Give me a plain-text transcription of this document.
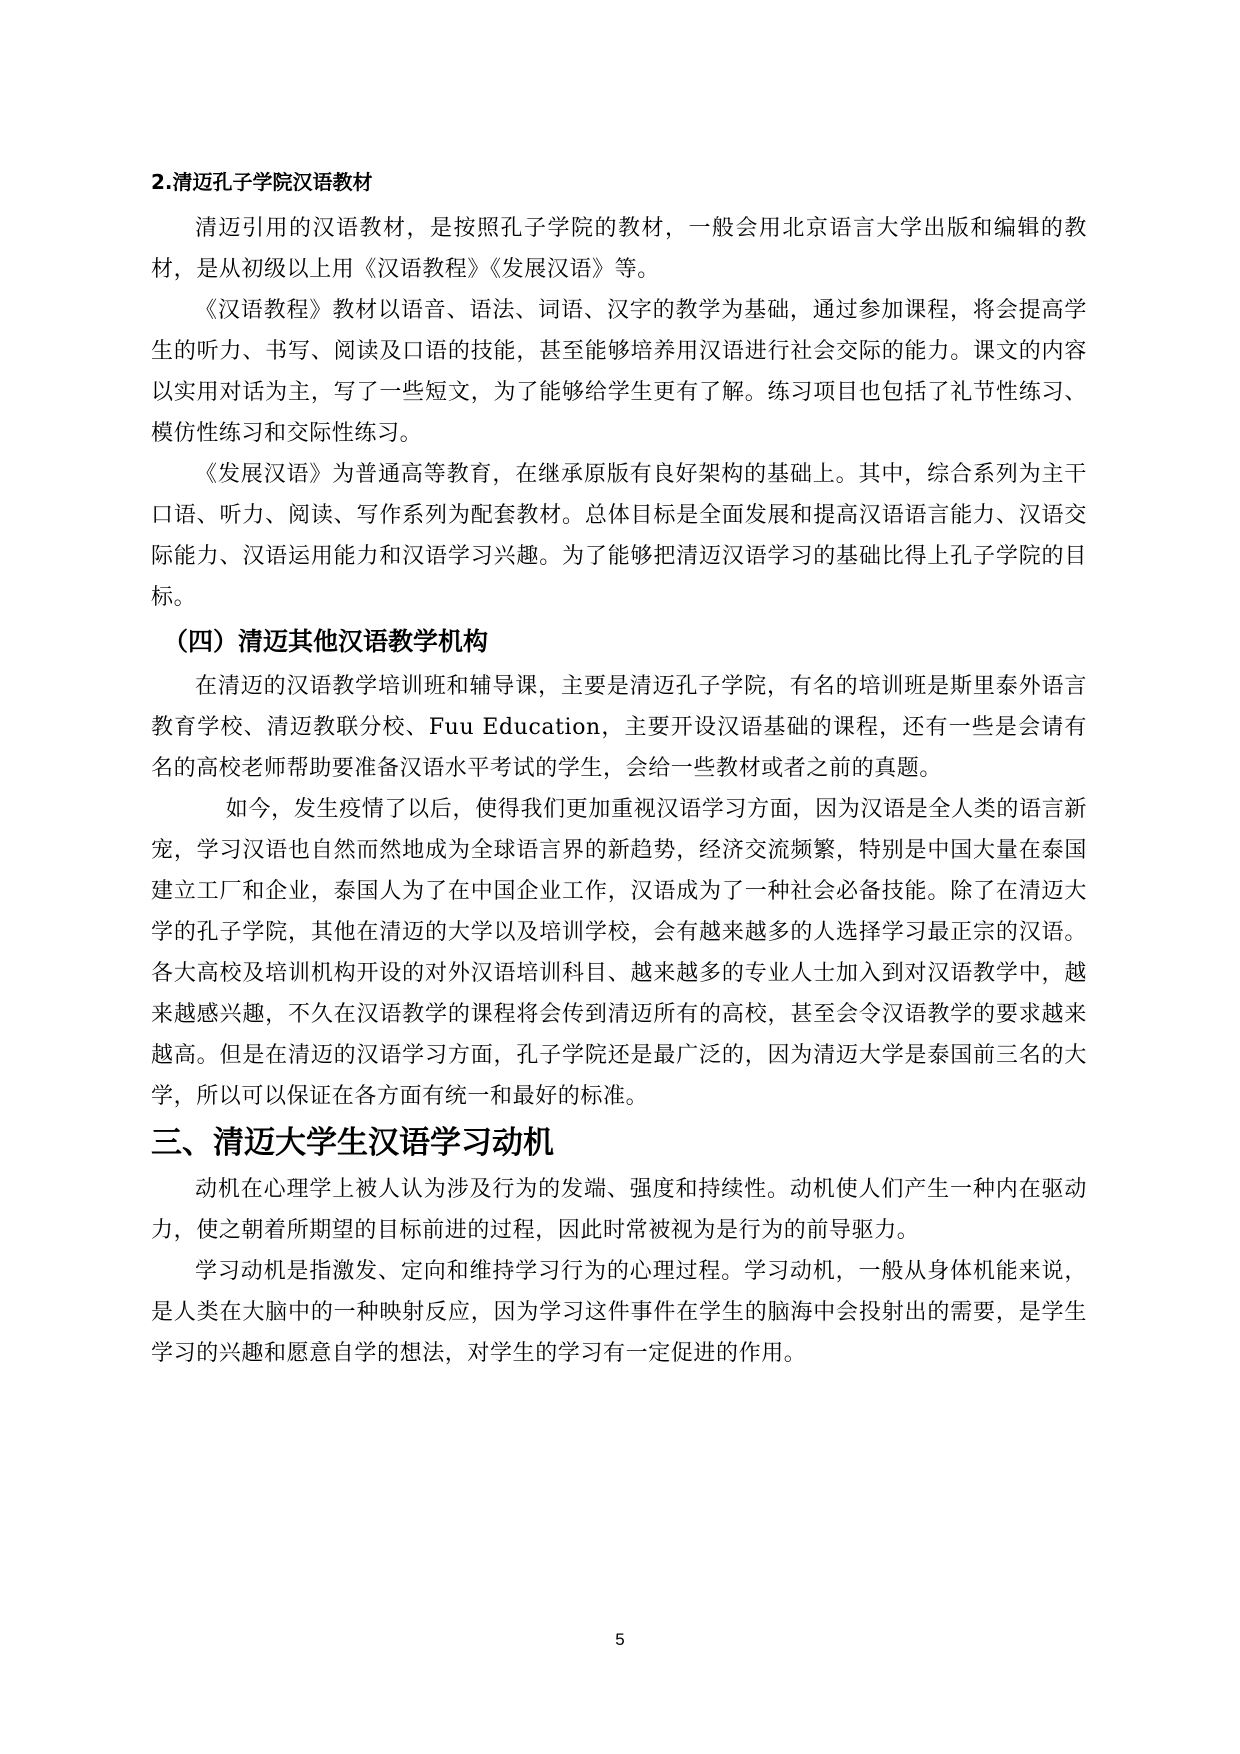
2.清迈孔子学院汉语教材

清迈引用的汉语教材，是按照孔子学院的教材，一般会用北京语言大学出版和编辑的教材，是从初级以上用《汉语教程》《发展汉语》等。

《汉语教程》教材以语音、语法、词语、汉字的教学为基础，通过参加课程，将会提高学生的听力、书写、阅读及口语的技能，甚至能够培养用汉语进行社会交际的能力。课文的内容以实用对话为主，写了一些短文，为了能够给学生更有了解。练习项目也包括了礼节性练习、模仿性练习和交际性练习。

《发展汉语》为普通高等教育，在继承原版有良好架构的基础上。其中，综合系列为主干口语、听力、阅读、写作系列为配套教材。总体目标是全面发展和提高汉语语言能力、汉语交际能力、汉语运用能力和汉语学习兴趣。为了能够把清迈汉语学习的基础比得上孔子学院的目标。

（四）清迈其他汉语教学机构

在清迈的汉语教学培训班和辅导课，主要是清迈孔子学院，有名的培训班是斯里泰外语言教育学校、清迈教联分校、Fuu Education，主要开设汉语基础的课程，还有一些是会请有名的高校老师帮助要准备汉语水平考试的学生，会给一些教材或者之前的真题。

如今，发生疫情了以后，使得我们更加重视汉语学习方面，因为汉语是全人类的语言新宠，学习汉语也自然而然地成为全球语言界的新趋势，经济交流频繁，特别是中国大量在泰国建立工厂和企业，泰国人为了在中国企业工作，汉语成为了一种社会必备技能。除了在清迈大学的孔子学院，其他在清迈的大学以及培训学校，会有越来越多的人选择学习最正宗的汉语。各大高校及培训机构开设的对外汉语培训科目、越来越多的专业人士加入到对汉语教学中，越来越感兴趣，不久在汉语教学的课程将会传到清迈所有的高校，甚至会令汉语教学的要求越来越高。但是在清迈的汉语学习方面，孔子学院还是最广泛的，因为清迈大学是泰国前三名的大学，所以可以保证在各方面有统一和最好的标准。

三、清迈大学生汉语学习动机

动机在心理学上被人认为涉及行为的发端、强度和持续性。动机使人们产生一种内在驱动力，使之朝着所期望的目标前进的过程，因此时常被视为是行为的前导驱力。

学习动机是指激发、定向和维持学习行为的心理过程。学习动机，一般从身体机能来说，是人类在大脑中的一种映射反应，因为学习这件事件在学生的脑海中会投射出的需要，是学生学习的兴趣和愿意自学的想法，对学生的学习有一定促进的作用。

5
